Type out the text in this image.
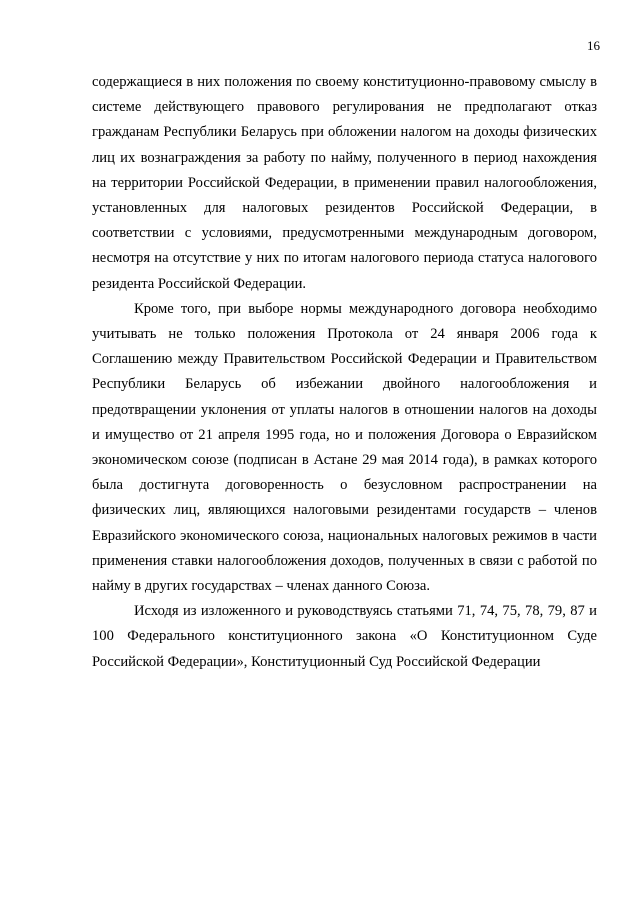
16

содержащиеся в них положения по своему конституционно-правовому смыслу в системе действующего правового регулирования не предполагают отказ гражданам Республики Беларусь при обложении налогом на доходы физических лиц их вознаграждения за работу по найму, полученного в период нахождения на территории Российской Федерации, в применении правил налогообложения, установленных для налоговых резидентов Российской Федерации, в соответствии с условиями, предусмотренными международным договором, несмотря на отсутствие у них по итогам налогового периода статуса налогового резидента Российской Федерации.

Кроме того, при выборе нормы международного договора необходимо учитывать не только положения Протокола от 24 января 2006 года к Соглашению между Правительством Российской Федерации и Правительством Республики Беларусь об избежании двойного налогообложения и предотвращении уклонения от уплаты налогов в отношении налогов на доходы и имущество от 21 апреля 1995 года, но и положения Договора о Евразийском экономическом союзе (подписан в Астане 29 мая 2014 года), в рамках которого была достигнута договоренность о безусловном распространении на физических лиц, являющихся налоговыми резидентами государств – членов Евразийского экономического союза, национальных налоговых режимов в части применения ставки налогообложения доходов, полученных в связи с работой по найму в других государствах – членах данного Союза.

Исходя из изложенного и руководствуясь статьями 71, 74, 75, 78, 79, 87 и 100 Федерального конституционного закона «О Конституционном Суде Российской Федерации», Конституционный Суд Российской Федерации
